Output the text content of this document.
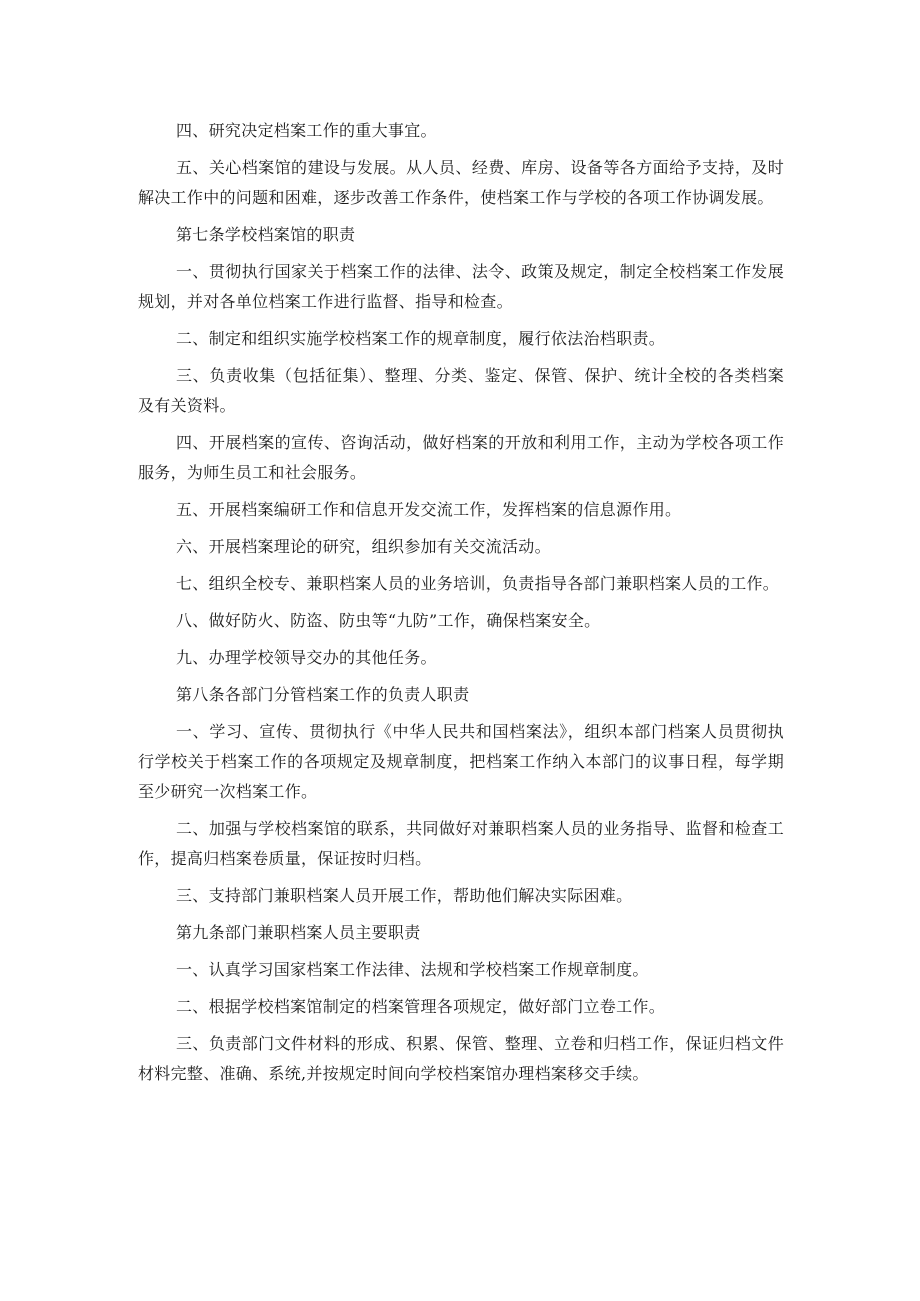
四、研究决定档案工作的重大事宜。

五、关心档案馆的建设与发展。从人员、经费、库房、设备等各方面给予支持，及时解决工作中的问题和困难，逐步改善工作条件，使档案工作与学校的各项工作协调发展。

第七条学校档案馆的职责

一、贯彻执行国家关于档案工作的法律、法令、政策及规定，制定全校档案工作发展规划，并对各单位档案工作进行监督、指导和检查。

二、制定和组织实施学校档案工作的规章制度，履行依法治档职责。

三、负责收集（包括征集）、整理、分类、鉴定、保管、保护、统计全校的各类档案及有关资料。

四、开展档案的宣传、咨询活动，做好档案的开放和利用工作，主动为学校各项工作服务，为师生员工和社会服务。

五、开展档案编研工作和信息开发交流工作，发挥档案的信息源作用。

六、开展档案理论的研究，组织参加有关交流活动。

七、组织全校专、兼职档案人员的业务培训，负责指导各部门兼职档案人员的工作。

八、做好防火、防盗、防虫等“九防”工作，确保档案安全。

九、办理学校领导交办的其他任务。

第八条各部门分管档案工作的负责人职责

一、学习、宣传、贯彻执行《中华人民共和国档案法》，组织本部门档案人员贯彻执行学校关于档案工作的各项规定及规章制度，把档案工作纳入本部门的议事日程，每学期至少研究一次档案工作。

二、加强与学校档案馆的联系，共同做好对兼职档案人员的业务指导、监督和检查工作，提高归档案卷质量，保证按时归档。

三、支持部门兼职档案人员开展工作，帮助他们解决实际困难。

第九条部门兼职档案人员主要职责

一、认真学习国家档案工作法律、法规和学校档案工作规章制度。

二、根据学校档案馆制定的档案管理各项规定，做好部门立卷工作。

三、负责部门文件材料的形成、积累、保管、整理、立卷和归档工作，保证归档文件材料完整、准确、系统,并按规定时间向学校档案馆办理档案移交手续。
